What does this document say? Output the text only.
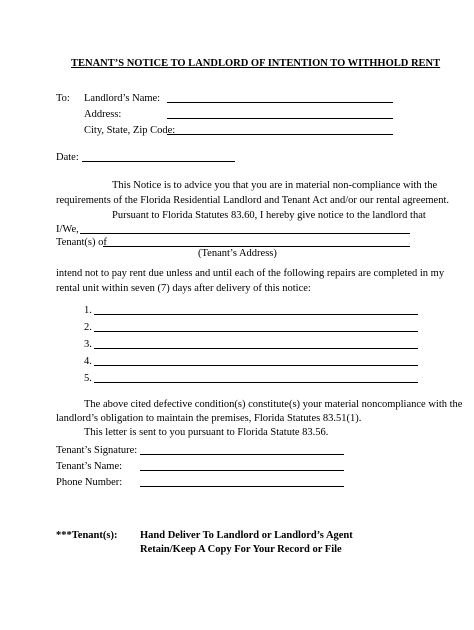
TENANT’S NOTICE TO LANDLORD OF INTENTION TO WITHHOLD RENT
To: Landlord’s Name:
Address:
City, State, Zip Code:
Date:
This Notice is to advice you that you are in material non-compliance with the
requirements of the Florida Residential Landlord and Tenant Act and/or our rental agreement.
Pursuant to Florida Statutes 83.60, I hereby give notice to the landlord that
I/We,
Tenant(s) of
(Tenant’s Address)
intend not to pay rent due unless and until each of the following repairs are completed in my
rental unit within seven (7) days after delivery of this notice:
1.
2.
3.
4.
5.
The above cited defective condition(s) constitute(s) your material noncompliance with the
landlord’s obligation to maintain the premises, Florida Statutes 83.51(1).
This letter is sent to you pursuant to Florida Statute 83.56.
Tenant’s Signature:
Tenant’s Name:
Phone Number:
***Tenant(s): Hand Deliver To Landlord or Landlord’s Agent
Retain/Keep A Copy For Your Record or File
